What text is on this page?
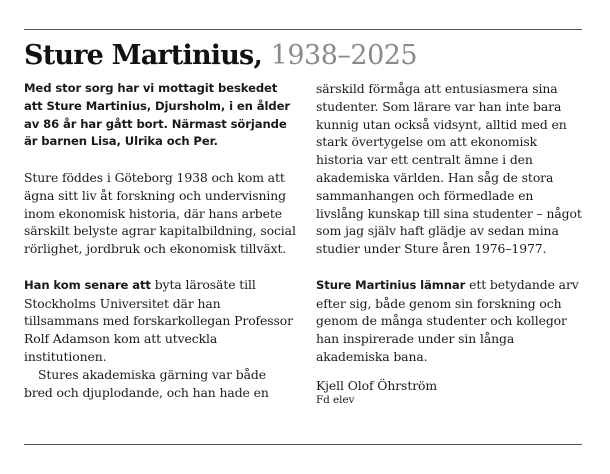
Sture Martinius, 1938–2025

Med stor sorg har vi mottagit beskedet att Sture Martinius, Djursholm, i en ålder av 86 år har gått bort. Närmast sörjande är barnen Lisa, Ulrika och Per.

Sture föddes i Göteborg 1938 och kom att ägna sitt liv åt forskning och undervisning inom ekonomisk historia, där hans arbete särskilt belyste agrar kapitalbildning, social rörlighet, jordbruk och ekonomisk tillväxt.

Han kom senare att byta lärosäte till Stockholms Universitet där han tillsammans med forskarkollegan Professor Rolf Adamson kom att utveckla institutionen.

Stures akademiska gärning var både bred och djuplodande, och han hade en

särskild förmåga att entusiasmera sina studenter. Som lärare var han inte bara kunnig utan också vidsynt, alltid med en stark övertygelse om att ekonomisk historia var ett centralt ämne i den akademiska världen. Han såg de stora sammanhangen och förmedlade en livslång kunskap till sina studenter – något som jag själv haft glädje av sedan mina studier under Sture åren 1976–1977.

Sture Martinius lämnar ett betydande arv efter sig, både genom sin forskning och genom de många studenter och kollegor han inspirerade under sin långa akademiska bana.

Kjell Olof Öhrström

Fd elev
